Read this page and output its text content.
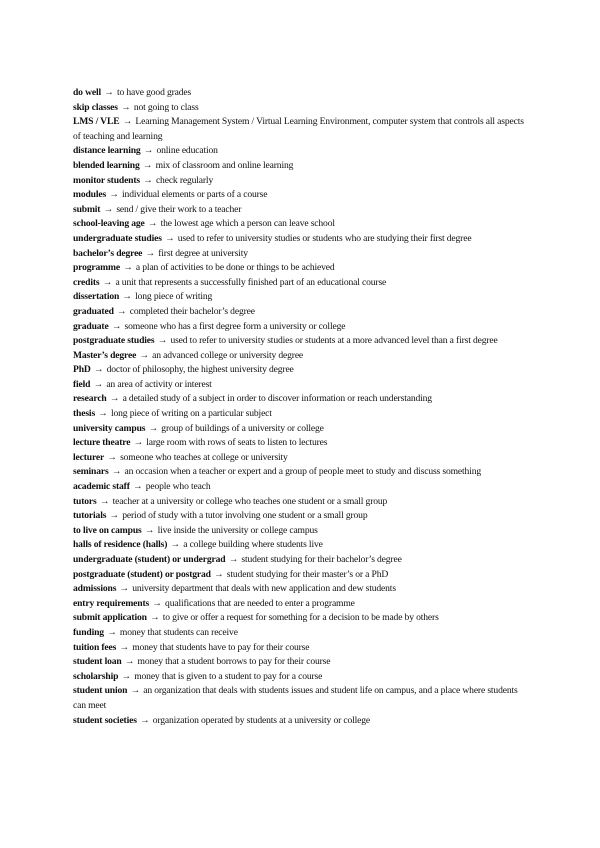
do well → to have good grades

skip classes → not going to class

LMS / VLE → Learning Management System / Virtual Learning Environment, computer system that controls all aspects of teaching and learning

distance learning → online education

blended learning → mix of classroom and online learning

monitor students → check regularly

modules → individual elements or parts of a course

submit → send / give their work to a teacher

school-leaving age → the lowest age which a person can leave school

undergraduate studies → used to refer to university studies or students who are studying their first degree

bachelor’s degree → first degree at university

programme → a plan of activities to be done or things to be achieved

credits → a unit that represents a successfully finished part of an educational course

dissertation → long piece of writing

graduated → completed their bachelor’s degree

graduate → someone who has a first degree form a university or college

postgraduate studies → used to refer to university studies or students at a more advanced level than a first degree

Master’s degree → an advanced college or university degree

PhD → doctor of philosophy, the highest university degree

field → an area of activity or interest

research → a detailed study of a subject in order to discover information or reach understanding

thesis → long piece of writing on a particular subject

university campus → group of buildings of a university or college

lecture theatre → large room with rows of seats to listen to lectures

lecturer → someone who teaches at college or university

seminars → an occasion when a teacher or expert and a group of people meet to study and discuss something

academic staff → people who teach

tutors → teacher at a university or college who teaches one student or a small group

tutorials → period of study with a tutor involving one student or a small group

to live on campus → live inside the university or college campus

halls of residence (halls) → a college building where students live

undergraduate (student) or undergrad → student studying for their bachelor’s degree

postgraduate (student) or postgrad → student studying for their master’s or a PhD

admissions → university department that deals with new application and dew students

entry requirements → qualifications that are needed to enter a programme

submit application → to give or offer a request for something for a decision to be made by others

funding → money that students can receive

tuition fees → money that students have to pay for their course

student loan → money that a student borrows to pay for their course

scholarship → money that is given to a student to pay for a course

student union → an organization that deals with students issues and student life on campus, and a place where students can meet

student societies → organization operated by students at a university or college
